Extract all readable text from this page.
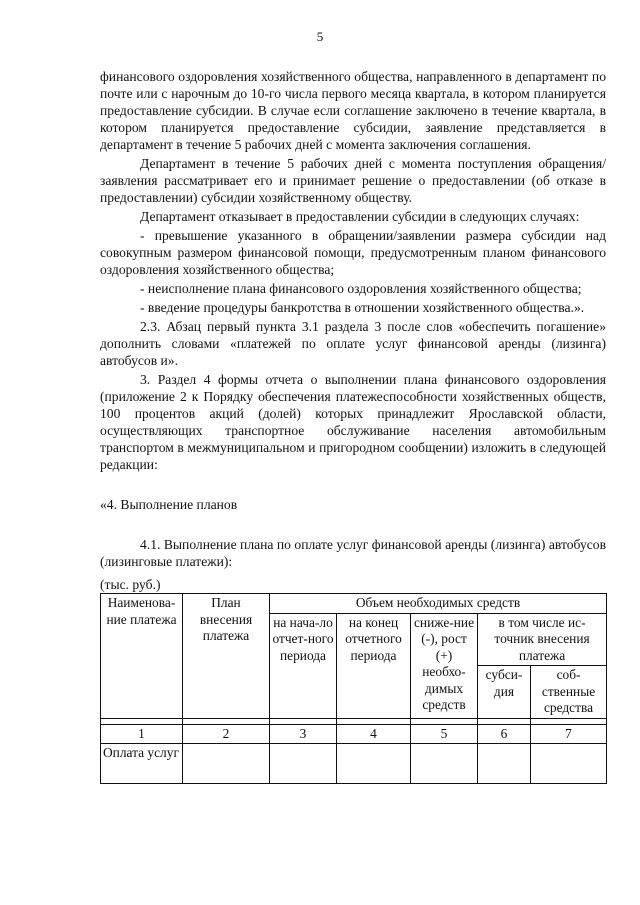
5

финансового оздоровления хозяйственного общества, направленного в департамент по почте или с нарочным до 10-го числа первого месяца квартала, в котором планируется предоставление субсидии. В случае если соглашение заключено в течение квартала, в котором планируется предоставление субсидии, заявление представляется в департамент в течение 5 рабочих дней с момента заключения соглашения.

Департамент в течение 5 рабочих дней с момента поступления обращения/заявления рассматривает его и принимает решение о предоставлении (об отказе в предоставлении) субсидии хозяйственному обществу.

Департамент отказывает в предоставлении субсидии в следующих случаях:

- превышение указанного в обращении/заявлении размера субсидии над совокупным размером финансовой помощи, предусмотренным планом финансового оздоровления хозяйственного общества;

- неисполнение плана финансового оздоровления хозяйственного общества;

- введение процедуры банкротства в отношении хозяйственного общества.».

2.3. Абзац первый пункта 3.1 раздела 3 после слов «обеспечить погашение» дополнить словами «платежей по оплате услуг финансовой аренды (лизинга) автобусов и».

3. Раздел 4 формы отчета о выполнении плана финансового оздоровления (приложение 2 к Порядку обеспечения платежеспособности хозяйственных обществ, 100 процентов акций (долей) которых принадлежит Ярославской области, осуществляющих транспортное обслуживание населения автомобильным транспортом в межмуниципальном и пригородном сообщении) изложить в следующей редакции:

«4. Выполнение планов

4.1. Выполнение плана по оплате услуг финансовой аренды (лизинга) автобусов (лизинговые платежи):

(тыс. руб.)

Наименова-ние платежа	План внесения платежа	Объем необходимых средств				
		на нача-ло отчет-ного периода	на конец отчетного периода	сниже-ние (-), рост (+) необхо-димых средств	в том числе ис-точник внесения платежа	
					субси-дия	соб-ственные средства

1	2	3	4	5	6	7
Оплата услуг						
